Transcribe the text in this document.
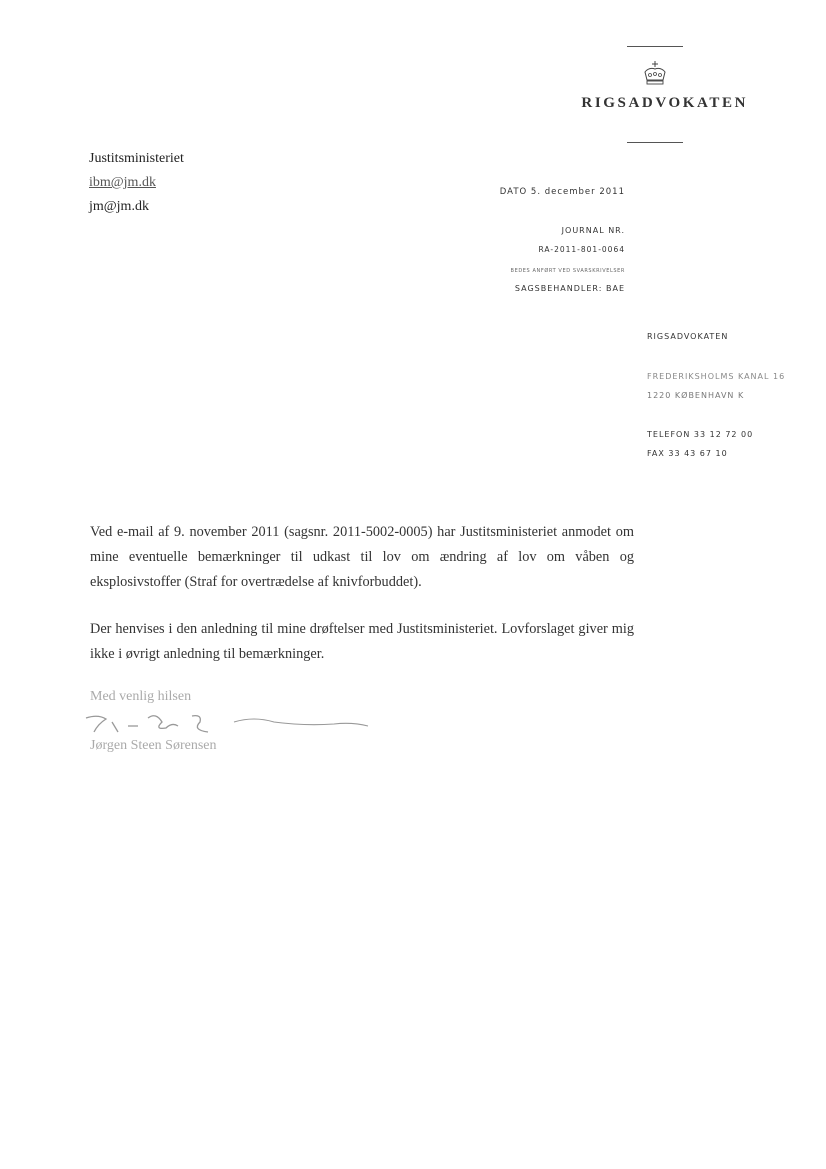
RIGSADVOKATEN
Justitsministeriet
ibm@jm.dk
jm@jm.dk
DATO 5. december 2011
JOURNAL NR.
RA-2011-801-0064
BEDES ANFØRT VED SVARSKRIVELSER
SAGSBEHANDLER: BAE
RIGSADVOKATEN
FREDERIKSHOLMS KANAL 16
1220 KØBENHAVN K
TELEFON 33 12 72 00
FAX 33 43 67 10

Ved e-mail af 9. november 2011 (sagsnr. 2011-5002-0005) har Justitsministeriet anmodet om mine eventuelle bemærkninger til udkast til lov om ændring af lov om våben og eksplosivstoffer (Straf for overtrædelse af knivforbuddet).

Der henvises i den anledning til mine drøftelser med Justitsministeriet. Lovforslaget giver mig ikke i øvrigt anledning til bemærkninger.

Med venlig hilsen
Jørgen Steen Sørensen
